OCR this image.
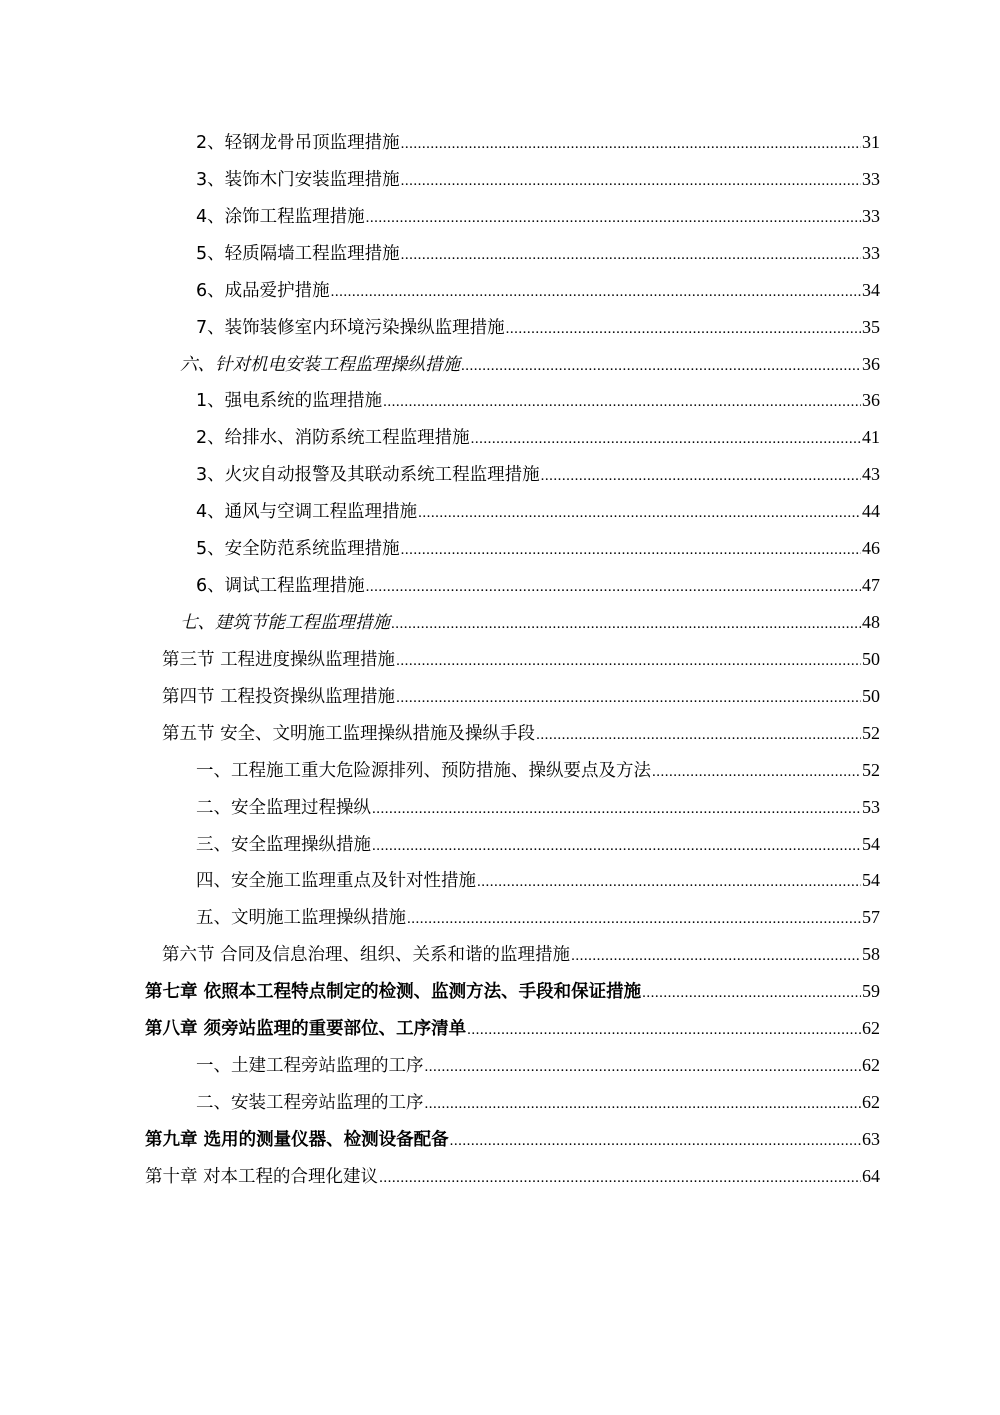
2、轻钢龙骨吊顶监理措施 .....	31
3、装饰木门安装监理措施 .....	33
4、涂饰工程监理措施 .....	33
5、轻质隔墙工程监理措施 .....	33
6、成品爱护措施 .....	34
7、装饰装修室内环境污染操纵监理措施 .....	35
六、针对机电安装工程监理操纵措施 .....	36
1、强电系统的监理措施 .....	36
2、给排水、消防系统工程监理措施 .....	41
3、火灾自动报警及其联动系统工程监理措施 .....	43
4、通风与空调工程监理措施 .....	44
5、安全防范系统监理措施 .....	46
6、调试工程监理措施 .....	47
七、建筑节能工程监理措施 .....	48
第三节 工程进度操纵监理措施 .....	50
第四节 工程投资操纵监理措施 .....	50
第五节 安全、文明施工监理操纵措施及操纵手段 .....	52
一、工程施工重大危险源排列、预防措施、操纵要点及方法 .....	52
二、安全监理过程操纵 .....	53
三、安全监理操纵措施 .....	54
四、安全施工监理重点及针对性措施 .....	54
五、文明施工监理操纵措施 .....	57
第六节 合同及信息治理、组织、关系和谐的监理措施 .....	58
第七章 依照本工程特点制定的检测、监测方法、手段和保证措施 .....	59
第八章 须旁站监理的重要部位、工序清单 .....	62
一、土建工程旁站监理的工序 .....	62
二、安装工程旁站监理的工序 .....	62
第九章 选用的测量仪器、检测设备配备 .....	63
第十章 对本工程的合理化建议 .....	64
